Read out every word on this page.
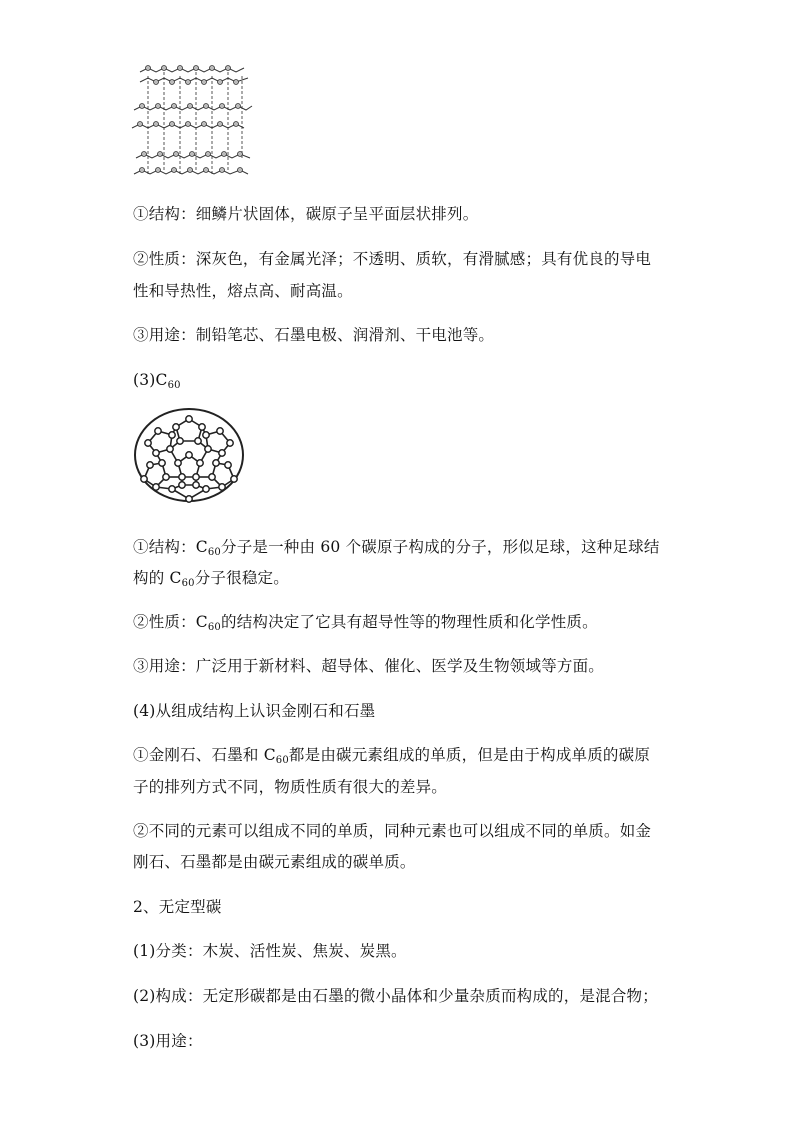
①结构：细鳞片状固体，碳原子呈平面层状排列。
②性质：深灰色，有金属光泽；不透明、质软，有滑腻感；具有优良的导电
性和导热性，熔点高、耐高温。
③用途：制铅笔芯、石墨电极、润滑剂、干电池等。
$(3)C_{60}$
①结构：$C_{60}$分子是一种由 60 个碳原子构成的分子，形似足球，这种足球结
构的 $C_{60}$分子很稳定。
②性质：$C_{60}$的结构决定了它具有超导性等的物理性质和化学性质。
③用途：广泛用于新材料、超导体、催化、医学及生物领域等方面。
(4)从组成结构上认识金刚石和石墨
①金刚石、石墨和 $C_{60}$都是由碳元素组成的单质，但是由于构成单质的碳原
子的排列方式不同，物质性质有很大的差异。
②不同的元素可以组成不同的单质，同种元素也可以组成不同的单质。如金
刚石、石墨都是由碳元素组成的碳单质。
2、无定型碳
(1)分类：木炭、活性炭、焦炭、炭黑。
(2)构成：无定形碳都是由石墨的微小晶体和少量杂质而构成的，是混合物；
(3)用途：
